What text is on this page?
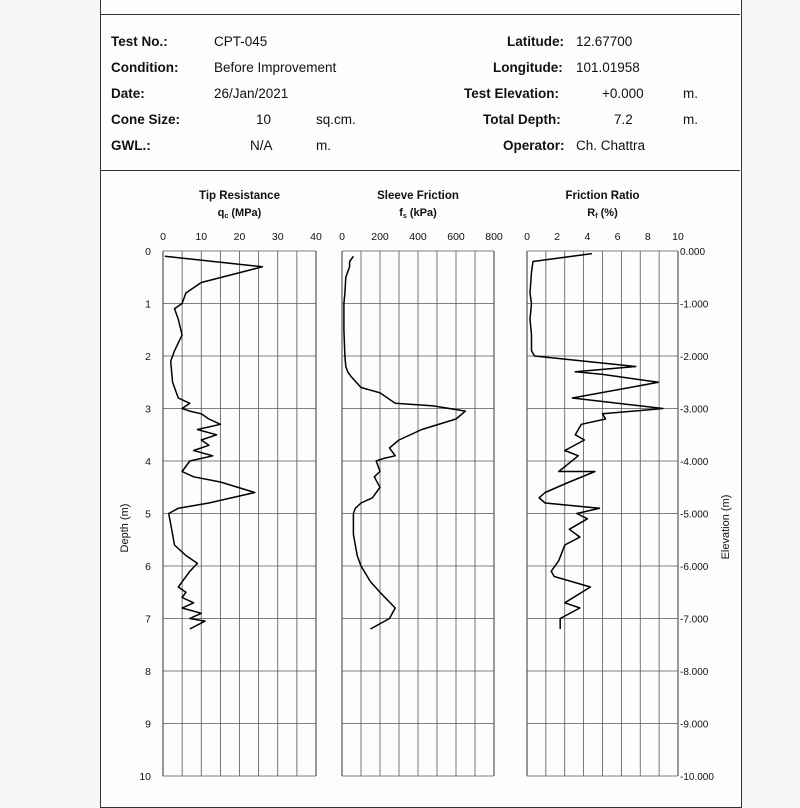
Test No.:	CPT-045
Condition:	Before Improvement
Date:	26/Jan/2021
Cone Size:	10	sq.cm.
GWL.:	N/A	m.
Latitude: 12.67700
Longitude: 101.01958
Test Elevation:	+0.000	m.
Total Depth:	7.2	m.
Operator: Ch. Chattra
0	10	20	30	40
Tip Resistance
qc (MPa)
0	200 400 600 800
Sleeve Friction
fs (kPa)
0 2 4 6 8 10
Friction Ratio
Rf (%)
0
1
2
3
4
5
6
7
8
9
10
0.000
-1.000
-2.000
-3.000
-4.000
-5.000
-6.000
-7.000
-8.000
-9.000
-10.000
Depth (m)	Elevation (m)
